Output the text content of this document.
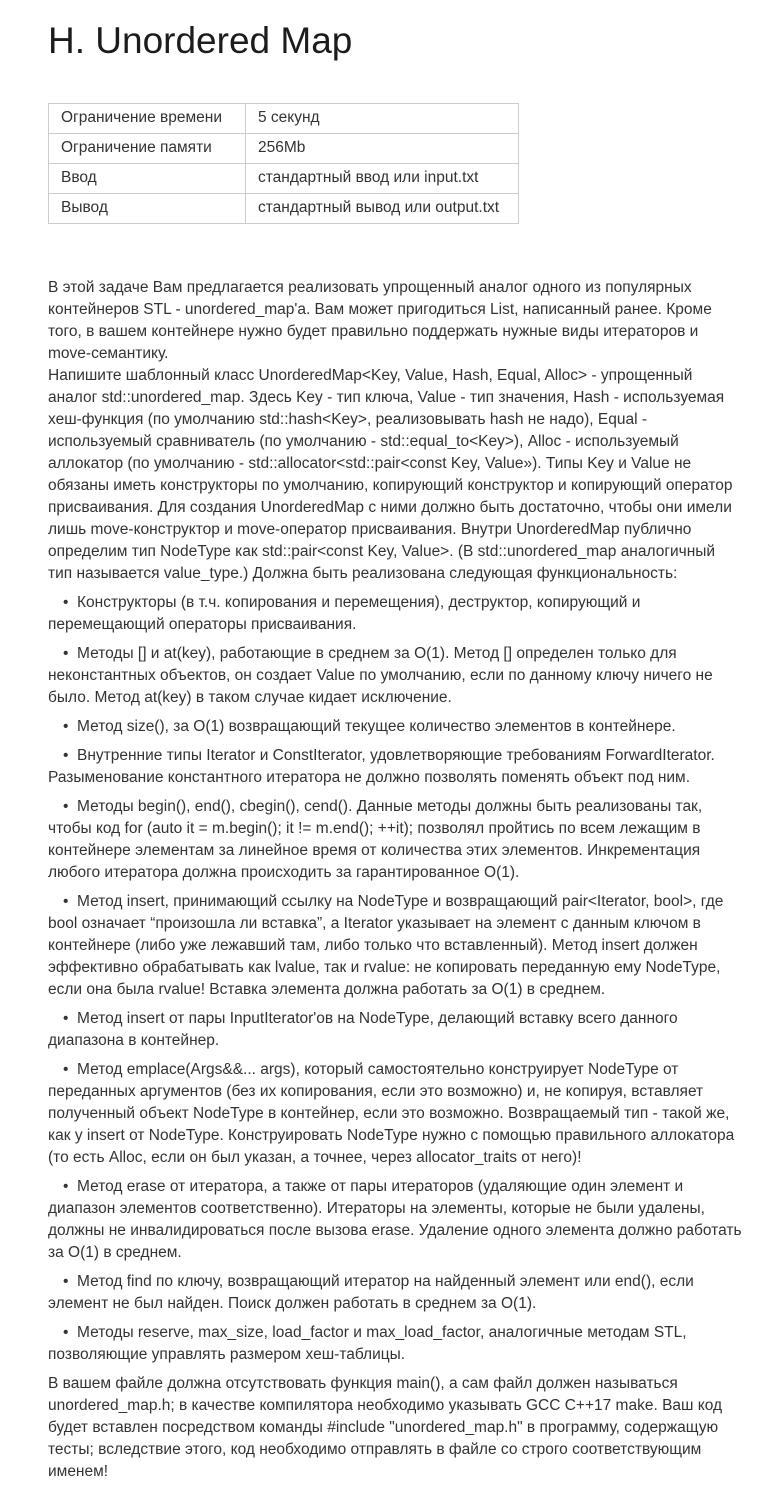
H. Unordered Map
Ограничение времени	5 секунд
Ограничение памяти	256Mb
Ввод	стандартный ввод или input.txt
Вывод	стандартный вывод или output.txt

В этой задаче Вам предлагается реализовать упрощенный аналог одного из популярных контейнеров STL - unordered_map'а. Вам может пригодиться List, написанный ранее. Кроме того, в вашем контейнере нужно будет правильно поддержать нужные виды итераторов и move-семантику.

Напишите шаблонный класс UnorderedMap<Key, Value, Hash, Equal, Alloc> - упрощенный аналог std::unordered_map. Здесь Key - тип ключа, Value - тип значения, Hash - используемая хеш-функция (по умолчанию std::hash<Key>, реализовывать hash не надо), Equal - используемый сравниватель (по умолчанию - std::equal_to<Key>), Alloc - используемый аллокатор (по умолчанию - std::allocator<std::pair<const Key, Value»). Типы Key и Value не обязаны иметь конструкторы по умолчанию, копирующий конструктор и копирующий оператор присваивания. Для создания UnorderedMap с ними должно быть достаточно, чтобы они имели лишь move-конструктор и move-оператор присваивания. Внутри UnorderedMap публично определим тип NodeType как std::pair<const Key, Value>. (В std::unordered_map аналогичный тип называется value_type.) Должна быть реализована следующая функциональность:

• Конструкторы (в т.ч. копирования и перемещения), деструктор, копирующий и перемещающий операторы присваивания.
• Методы [] и at(key), работающие в среднем за O(1). Метод [] определен только для неконстантных объектов, он создает Value по умолчанию, если по данному ключу ничего не было. Метод at(key) в таком случае кидает исключение.
• Метод size(), за O(1) возвращающий текущее количество элементов в контейнере.
• Внутренние типы Iterator и ConstIterator, удовлетворяющие требованиям ForwardIterator. Разыменование константного итератора не должно позволять поменять объект под ним.
• Методы begin(), end(), cbegin(), cend(). Данные методы должны быть реализованы так, чтобы код for (auto it = m.begin(); it != m.end(); ++it); позволял пройтись по всем лежащим в контейнере элементам за линейное время от количества этих элементов. Инкрементация любого итератора должна происходить за гарантированное O(1).
• Метод insert, принимающий ссылку на NodeType и возвращающий pair<Iterator, bool>, где bool означает “произошла ли вставка”, а Iterator указывает на элемент с данным ключом в контейнере (либо уже лежавший там, либо только что вставленный). Метод insert должен эффективно обрабатывать как lvalue, так и rvalue: не копировать переданную ему NodeType, если она была rvalue! Вставка элемента должна работать за O(1) в среднем.
• Метод insert от пары InputIterator'ов на NodeType, делающий вставку всего данного диапазона в контейнер.
• Метод emplace(Args&&... args), который самостоятельно конструирует NodeType от переданных аргументов (без их копирования, если это возможно) и, не копируя, вставляет полученный объект NodeType в контейнер, если это возможно. Возвращаемый тип - такой же, как у insert от NodeType. Конструировать NodeType нужно с помощью правильного аллокатора (то есть Alloc, если он был указан, а точнее, через allocator_traits от него)!
• Метод erase от итератора, а также от пары итераторов (удаляющие один элемент и диапазон элементов соответственно). Итераторы на элементы, которые не были удалены, должны не инвалидироваться после вызова erase. Удаление одного элемента должно работать за O(1) в среднем.
• Метод find по ключу, возвращающий итератор на найденный элемент или end(), если элемент не был найден. Поиск должен работать в среднем за O(1).
• Методы reserve, max_size, load_factor и max_load_factor, аналогичные методам STL, позволяющие управлять размером хеш-таблицы.

В вашем файле должна отсутствовать функция main(), а сам файл должен называться unordered_map.h; в качестве компилятора необходимо указывать GCC C++17 make. Ваш код будет вставлен посредством команды #include "unordered_map.h" в программу, содержащую тесты; вследствие этого, код необходимо отправлять в файле со строго соответствующим именем!
